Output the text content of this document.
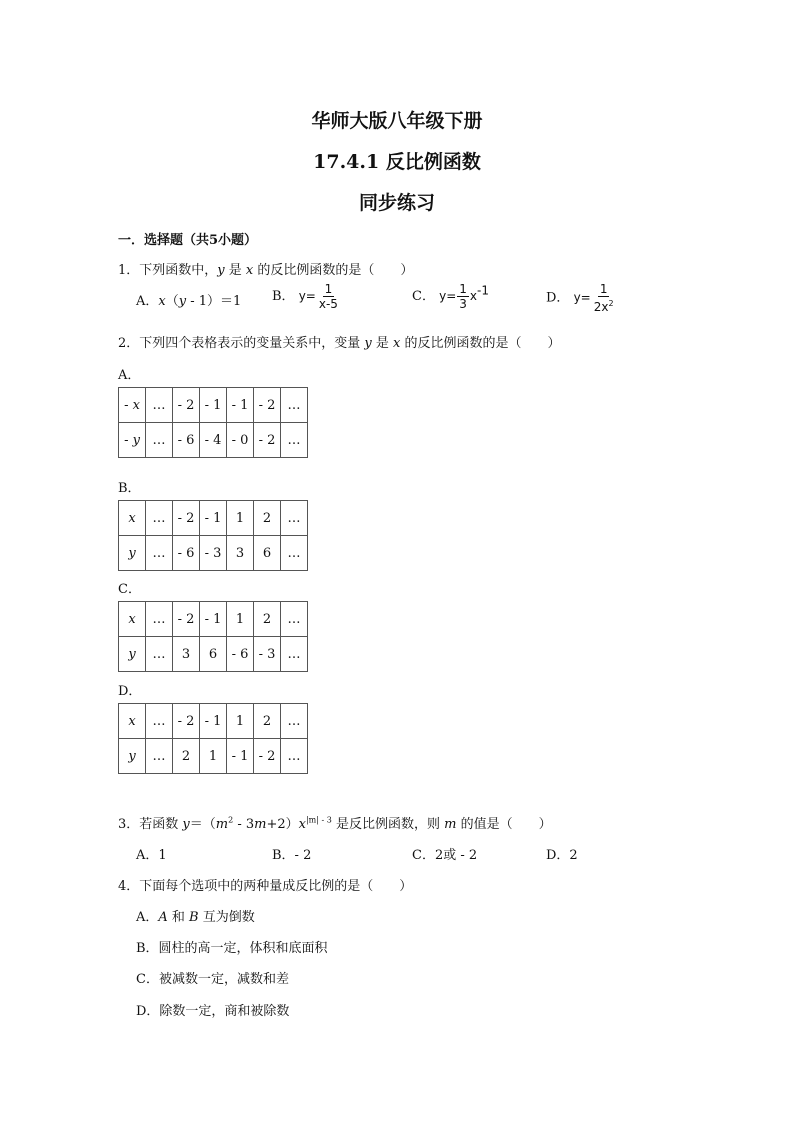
华师大版八年级下册
17.4.1 反比例函数
同步练习
一．选择题（共5小题）
1．下列函数中，y 是 x 的反比例函数的是（　　）
A．x（y - 1）＝1 B． $y= \frac{1}{x-5}$	C． $y= \frac{1}{3} x^{-1}$	D． $y= \frac{1}{2x^2}$
2．下列四个表格表示的变量关系中，变量 y 是 x 的反比例函数的是（　　）
A．
- x	…	- 2	- 1	- 1	- 2	…
- y	…	- 6	- 4	- 0	- 2	…
B．
x	…	- 2	- 1	1	2	…
y	…	- 6	- 3	3	6	…
C．
x	…	- 2	- 1	1	2	…
y	…	3	6	- 6	- 3	…
D．
x	…	- 2	- 1	1	2	…
y	…	2	1	- 1	- 2	…
3．若函数 $y=(m^2 - 3m+2)x^{|m| - 3}$ 是反比例函数，则 m 的值是（　　）
A．1	B．- 2	C．2或 - 2	D．2
4．下面每个选项中的两种量成反比例的是（　　）
A．A 和 B 互为倒数
B．圆柱的高一定，体积和底面积
C．被减数一定，减数和差
D．除数一定，商和被除数
